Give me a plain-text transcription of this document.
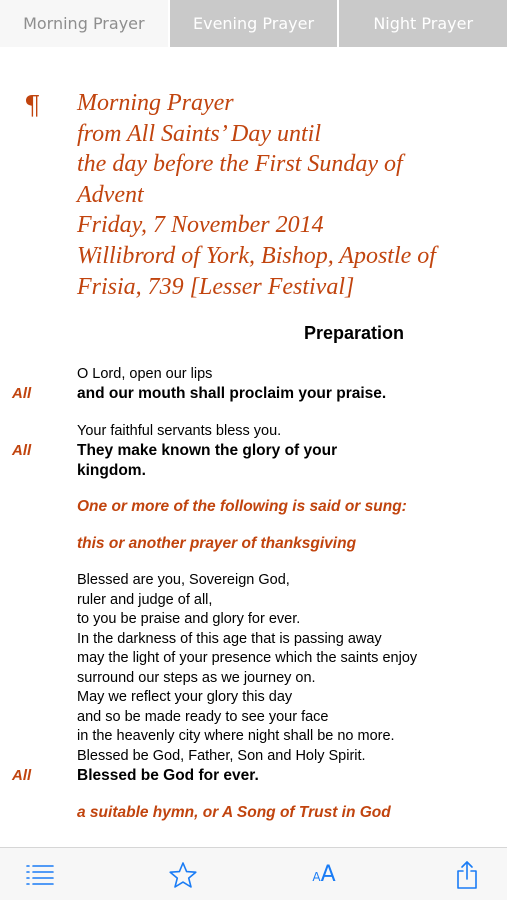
Morning Prayer	Evening Prayer	Night Prayer
¶ Morning Prayer
from All Saints’ Day until
the day before the First Sunday of
Advent
Friday, 7 November 2014
Willibrord of York, Bishop, Apostle of
Frisia, 739 [Lesser Festival]
Preparation
O Lord, open our lips
All	and our mouth shall proclaim your praise.
Your faithful servants bless you.
All	They make known the glory of your
kingdom.
One or more of the following is said or sung:
this or another prayer of thanksgiving
Blessed are you, Sovereign God,
ruler and judge of all,
to you be praise and glory for ever.
In the darkness of this age that is passing away
may the light of your presence which the saints enjoy
surround our steps as we journey on.
May we reflect your glory this day
and so be made ready to see your face
in the heavenly city where night shall be no more.
Blessed be God, Father, Son and Holy Spirit.
All	Blessed be God for ever.
a suitable hymn, or A Song of Trust in God
AA
